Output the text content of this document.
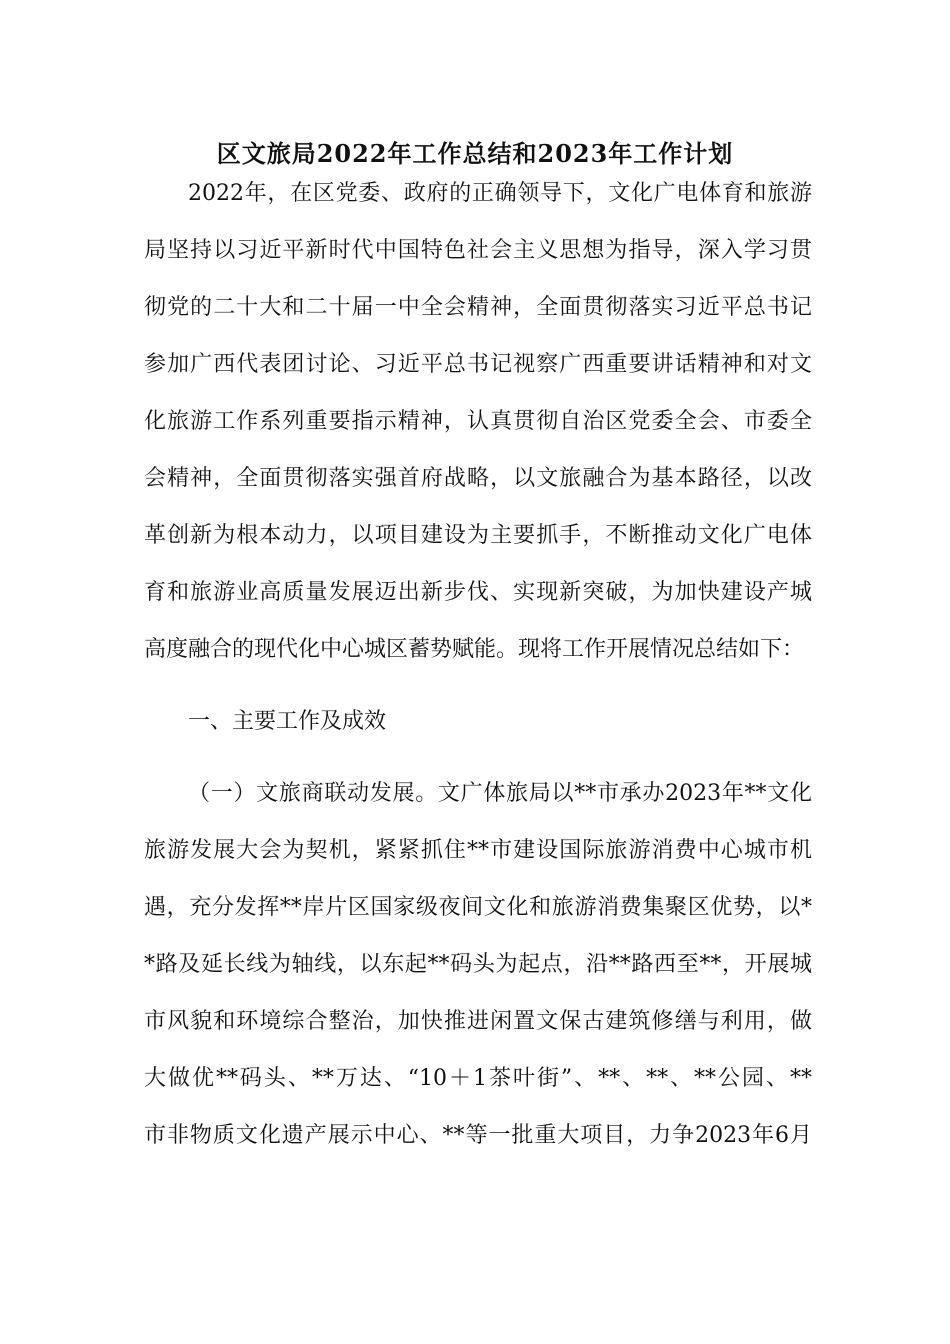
区文旅局2022年工作总结和2023年工作计划
2022年，在区党委、政府的正确领导下，文化广电体育和旅游
局坚持以习近平新时代中国特色社会主义思想为指导，深入学习贯
彻党的二十大和二十届一中全会精神，全面贯彻落实习近平总书记
参加广西代表团讨论、习近平总书记视察广西重要讲话精神和对文
化旅游工作系列重要指示精神，认真贯彻自治区党委全会、市委全
会精神，全面贯彻落实强首府战略，以文旅融合为基本路径，以改
革创新为根本动力，以项目建设为主要抓手，不断推动文化广电体
育和旅游业高质量发展迈出新步伐、实现新突破，为加快建设产城
高度融合的现代化中心城区蓄势赋能。现将工作开展情况总结如下：
一、主要工作及成效
（一）文旅商联动发展。文广体旅局以**市承办2023年**文化
旅游发展大会为契机，紧紧抓住**市建设国际旅游消费中心城市机
遇，充分发挥**岸片区国家级夜间文化和旅游消费集聚区优势，以*
*路及延长线为轴线，以东起**码头为起点，沿**路西至**，开展城
市风貌和环境综合整治，加快推进闲置文保古建筑修缮与利用，做
大做优**码头、**万达、“10＋1茶叶街”、**、**、**公园、**
市非物质文化遗产展示中心、**等一批重大项目，力争2023年6月
